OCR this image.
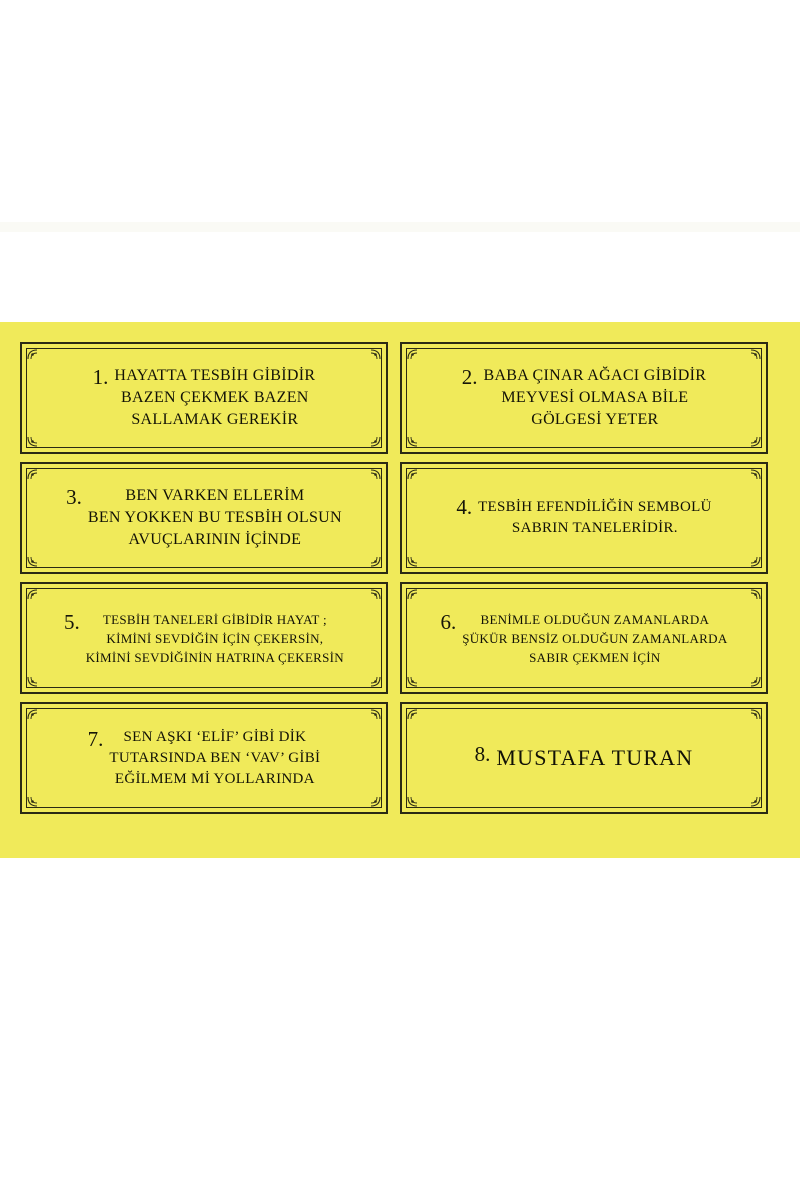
1. HAYATTA TESBİH GİBİDİR
BAZEN ÇEKMEK BAZEN
SALLAMAK GEREKİR
2. BABA ÇINAR AĞACI GİBİDİR
MEYVESİ OLMASA BİLE
GÖLGESİ YETER
3.	BEN VARKEN ELLERİM
BEN YOKKEN BU TESBİH OLSUN
AVUÇLARININ İÇİNDE
4. TESBİH EFENDİLİĞİN SEMBOLÜ
SABRIN TANELERİDİR.
5. TESBİH TANELERİ GİBİDİR HAYAT ;
KİMİNİ SEVDİĞİN İÇİN ÇEKERSİN,
KİMİNİ SEVDİĞİNİN HATRINA ÇEKERSİN
6. BENİMLE OLDUĞUN ZAMANLARDA
ŞÜKÜR BENSİZ OLDUĞUN ZAMANLARDA
SABIR ÇEKMEN İÇİN
7. SEN AŞKI ‘ELİF’ GİBİ DİK
TUTARSINDA BEN ‘VAV’ GİBİ
EĞİLMEM Mİ YOLLARINDA
8. MUSTAFA TURAN
